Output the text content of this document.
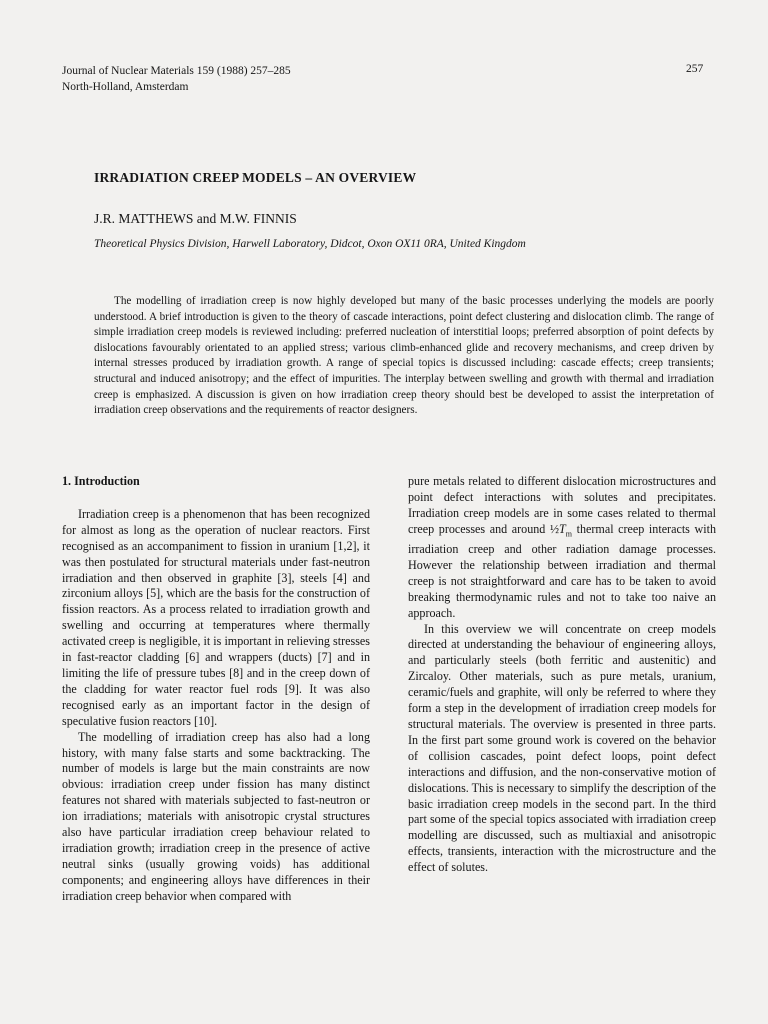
Journal of Nuclear Materials 159 (1988) 257–285
North-Holland, Amsterdam
257
IRRADIATION CREEP MODELS – AN OVERVIEW
J.R. MATTHEWS and M.W. FINNIS
Theoretical Physics Division, Harwell Laboratory, Didcot, Oxon OX11 0RA, United Kingdom

The modelling of irradiation creep is now highly developed but many of the basic processes underlying the models are poorly understood. A brief introduction is given to the theory of cascade interactions, point defect clustering and dislocation climb. The range of simple irradiation creep models is reviewed including: preferred nucleation of interstitial loops; preferred absorption of point defects by dislocations favourably orientated to an applied stress; various climb-enhanced glide and recovery mechanisms, and creep driven by internal stresses produced by irradiation growth. A range of special topics is discussed including: cascade effects; creep transients; structural and induced anisotropy; and the effect of impurities. The interplay between swelling and growth with thermal and irradiation creep is emphasized. A discussion is given on how irradiation creep theory should best be developed to assist the interpretation of irradiation creep observations and the requirements of reactor designers.

1. Introduction

Irradiation creep is a phenomenon that has been recognized for almost as long as the operation of nuclear reactors. First recognised as an accompaniment to fission in uranium [1,2], it was then postulated for structural materials under fast-neutron irradiation and then observed in graphite [3], steels [4] and zirconium alloys [5], which are the basis for the construction of fission reactors. As a process related to irradiation growth and swelling and occurring at temperatures where thermally activated creep is negligible, it is important in relieving stresses in fast-reactor cladding [6] and wrappers (ducts) [7] and in limiting the life of pressure tubes [8] and in the creep down of the cladding for water reactor fuel rods [9]. It was also recognised early as an important factor in the design of speculative fusion reactors [10].

The modelling of irradiation creep has also had a long history, with many false starts and some backtracking. The number of models is large but the main constraints are now obvious: irradiation creep under fission has many distinct features not shared with materials subjected to fast-neutron or ion irradiations; materials with anisotropic crystal structures also have particular irradiation creep behaviour related to irradiation growth; irradiation creep in the presence of active neutral sinks (usually growing voids) has additional components; and engineering alloys have differences in their irradiation creep behavior when compared with

pure metals related to different dislocation microstructures and point defect interactions with solutes and precipitates. Irradiation creep models are in some cases related to thermal creep processes and around $\frac{1}{2}T_m$ thermal creep interacts with irradiation creep and other radiation damage processes. However the relationship between irradiation and thermal creep is not straightforward and care has to be taken to avoid breaking thermodynamic rules and not to take too naive an approach.

In this overview we will concentrate on creep models directed at understanding the behaviour of engineering alloys, and particularly steels (both ferritic and austenitic) and Zircaloy. Other materials, such as pure metals, uranium, ceramic/fuels and graphite, will only be referred to where they form a step in the development of irradiation creep models for structural materials. The overview is presented in three parts. In the first part some ground work is covered on the behavior of collision cascades, point defect loops, point defect interactions and diffusion, and the non-conservative motion of dislocations. This is necessary to simplify the description of the basic irradiation creep models in the second part. In the third part some of the special topics associated with irradiation creep modelling are discussed, such as multiaxial and anisotropic effects, transients, interaction with the microstructure and the effect of solutes.
